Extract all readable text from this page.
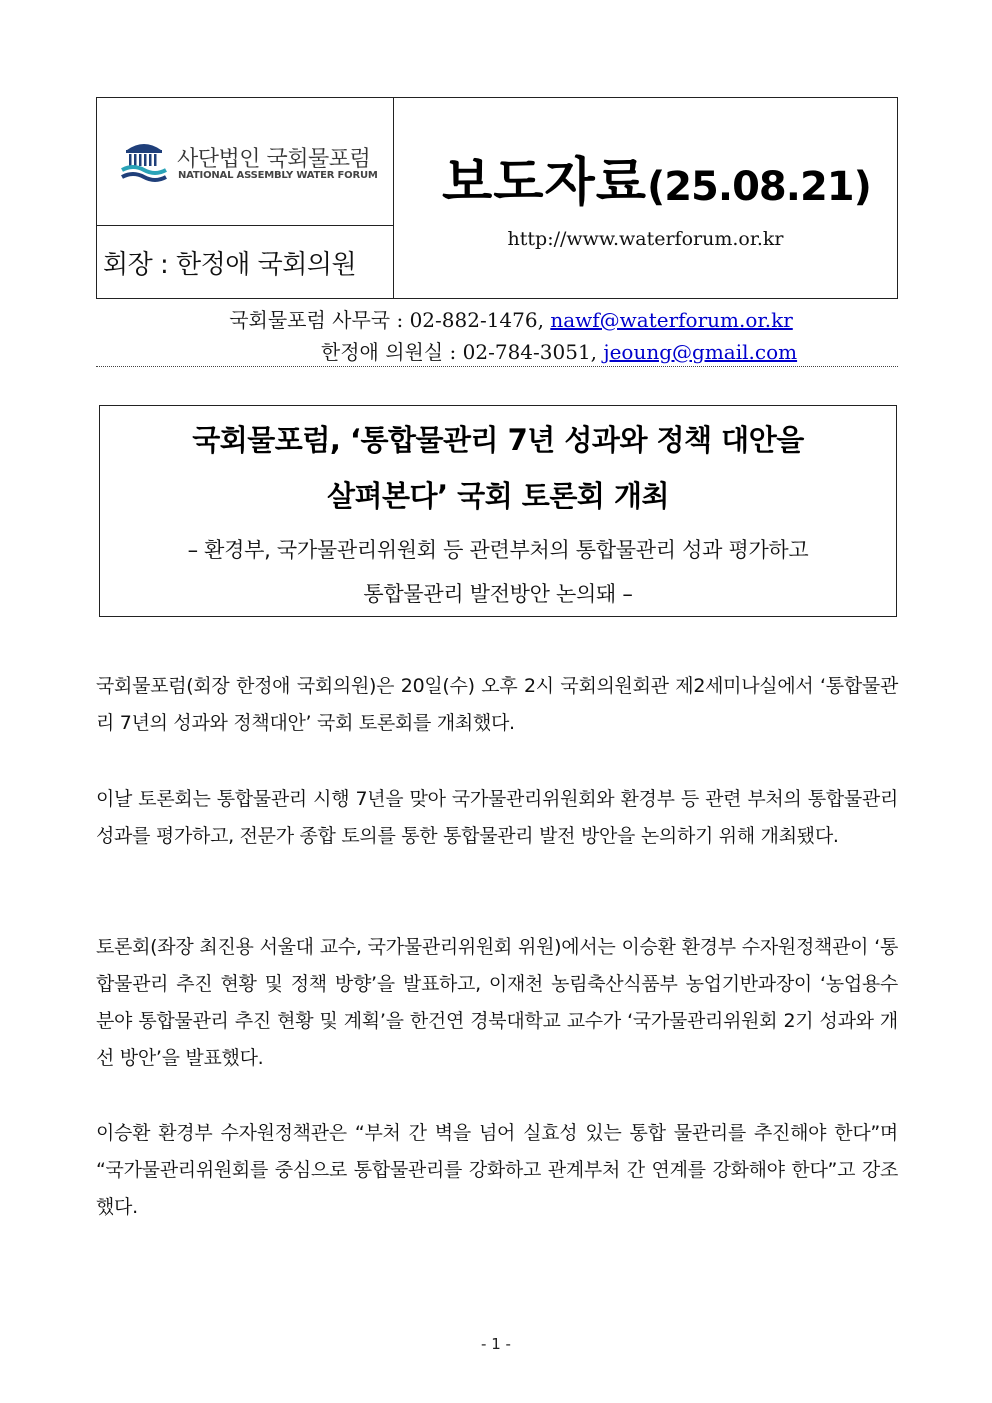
사단법인 국회물포럼
NATIONAL ASSEMBLY WATER FORUM
회장 : 한정애 국회의원
보도자료(25.08.21)
http://www.waterforum.or.kr
국회물포럼 사무국 : 02-882-1476, nawf@waterforum.or.kr
한정애 의원실 : 02-784-3051, jeoung@gmail.com
국회물포럼, ‘통합물관리 7년 성과와 정책 대안을
살펴본다’ 국회 토론회 개최
– 환경부, 국가물관리위원회 등 관련부처의 통합물관리 성과 평가하고
통합물관리 발전방안 논의돼 –
국회물포럼(회장 한정애 국회의원)은 20일(수) 오후 2시 국회의원회관 제2세미나실에서 ‘통합물관리 7년의 성과와 정책대안’ 국회 토론회를 개최했다.
이날 토론회는 통합물관리 시행 7년을 맞아 국가물관리위원회와 환경부 등 관련 부처의 통합물관리 성과를 평가하고, 전문가 종합 토의를 통한 통합물관리 발전 방안을 논의하기 위해 개최됐다.
토론회(좌장 최진용 서울대 교수, 국가물관리위원회 위원)에서는 이승환 환경부 수자원정책관이 ‘통합물관리 추진 현황 및 정책 방향’을 발표하고, 이재천 농림축산식품부 농업기반과장이 ‘농업용수 분야 통합물관리 추진 현황 및 계획’을 한건연 경북대학교 교수가 ‘국가물관리위원회 2기 성과와 개선 방안’을 발표했다.
이승환 환경부 수자원정책관은 “부처 간 벽을 넘어 실효성 있는 통합 물관리를 추진해야 한다”며 “국가물관리위원회를 중심으로 통합물관리를 강화하고 관계부처 간 연계를 강화해야 한다”고 강조했다.
- 1 -
